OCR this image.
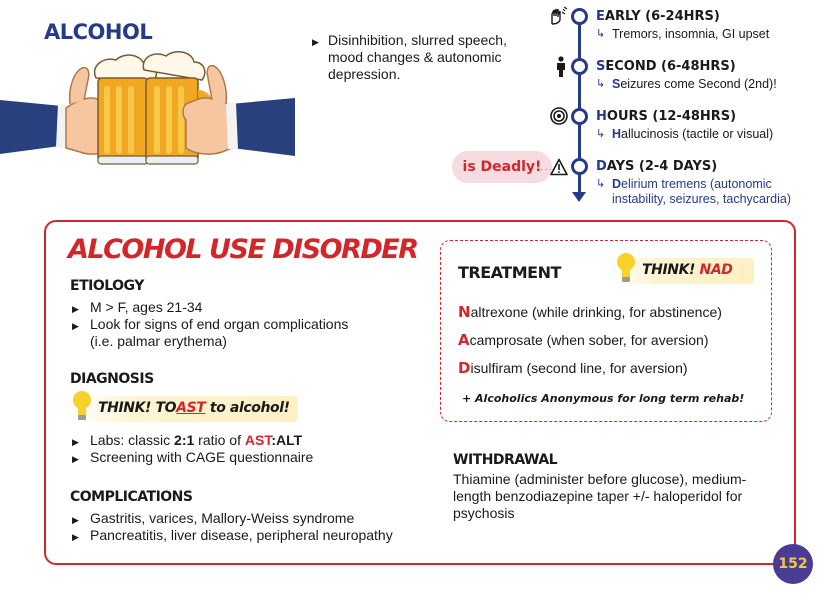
ALCOHOL	▶ Disinhibition, slurred speech, mood changes & autonomic depression.
EARLY (6-24HRS)
↳ Tremors, insomnia, GI upset
SECOND (6-48HRS)
↳ Seizures come Second (2nd)!
HOURS (12-48HRS)
↳ Hallucinosis (tactile or visual)
is Deadly!
···	DAYS (2-4 DAYS)
↳ Delirium tremens (autonomic instability, seizures, tachycardia)
ALCOHOL USE DISORDER
ETIOLOGY
▶ M > F, ages 21-34
▶ Look for signs of end organ complications (i.e. palmar erythema)
DIAGNOSIS
THINK! TOAST to alcohol!
▶ Labs: classic 2:1 ratio of AST:ALT
▶ Screening with CAGE questionnaire
COMPLICATIONS
▶ Gastritis, varices, Mallory-Weiss syndrome
▶ Pancreatitis, liver disease, peripheral neuropathy
TREATMENT	THINK! NAD
Naltrexone (while drinking, for abstinence)
Acamprosate (when sober, for aversion)
Disulfiram (second line, for aversion)
+ Alcoholics Anonymous for long term rehab!
WITHDRAWAL
Thiamine (administer before glucose), medium-length benzodiazepine taper +/- haloperidol for psychosis
152
